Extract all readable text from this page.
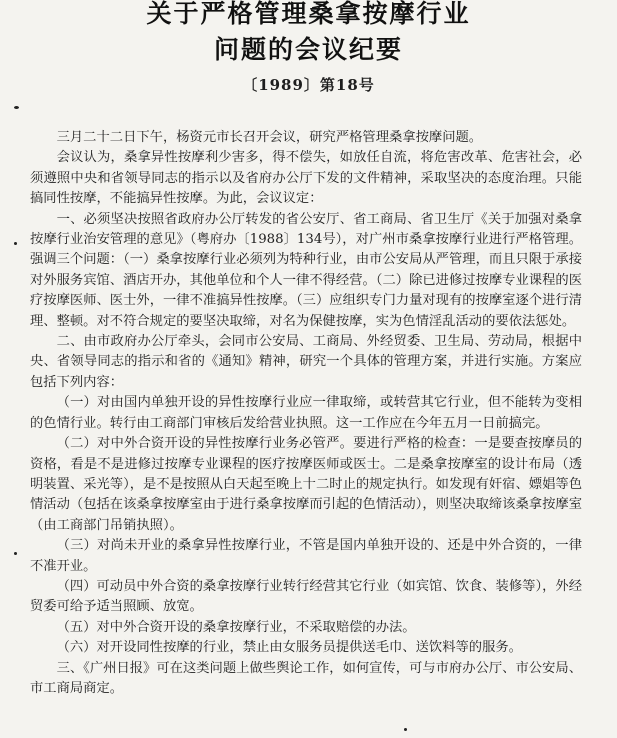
关于严格管理桑拿按摩行业
问题的会议纪要
〔1989〕第18号

三月二十二日下午，杨资元市长召开会议，研究严格管理桑拿按摩问题。

会议认为，桑拿异性按摩利少害多，得不偿失，如放任自流，将危害改革、危害社会，必须遵照中央和省领导同志的指示以及省府办公厅下发的文件精神，采取坚决的态度治理。只能搞同性按摩，不能搞异性按摩。为此，会议议定：

一、必须坚决按照省政府办公厅转发的省公安厅、省工商局、省卫生厅《关于加强对桑拿按摩行业治安管理的意见》（粤府办〔1988〕134号），对广州市桑拿按摩行业进行严格管理。强调三个问题：（一）桑拿按摩行业必须列为特种行业，由市公安局从严管理，而且只限于承接对外服务宾馆、酒店开办，其他单位和个人一律不得经营。（二）除已进修过按摩专业课程的医疗按摩医师、医士外，一律不准搞异性按摩。（三）应组织专门力量对现有的按摩室逐个进行清理、整顿。对不符合规定的要坚决取缔，对名为保健按摩，实为色情淫乱活动的要依法惩处。

二、由市政府办公厅牵头，会同市公安局、工商局、外经贸委、卫生局、劳动局，根据中央、省领导同志的指示和省的《通知》精神，研究一个具体的管理方案，并进行实施。方案应包括下列内容：

（一）对由国内单独开设的异性按摩行业应一律取缔，或转营其它行业，但不能转为变相的色情行业。转行由工商部门审核后发给营业执照。这一工作应在今年五月一日前搞完。

（二）对中外合资开设的异性按摩行业务必管严。要进行严格的检查：一是要查按摩员的资格，看是不是进修过按摩专业课程的医疗按摩医师或医士。二是桑拿按摩室的设计布局（透明装置、采光等），是不是按照从白天起至晚上十二时止的规定执行。如发现有奸宿、嫖娼等色情活动（包括在该桑拿按摩室由于进行桑拿按摩而引起的色情活动），则坚决取缔该桑拿按摩室（由工商部门吊销执照）。

（三）对尚未开业的桑拿异性按摩行业，不管是国内单独开设的、还是中外合资的，一律不准开业。

（四）可动员中外合资的桑拿按摩行业转行经营其它行业（如宾馆、饮食、装修等），外经贸委可给予适当照顾、放宽。

（五）对中外合资开设的桑拿按摩行业，不采取赔偿的办法。

（六）对开设同性按摩的行业，禁止由女服务员提供送毛巾、送饮料等的服务。

三、《广州日报》可在这类问题上做些舆论工作，如何宣传，可与市府办公厅、市公安局、市工商局商定。
